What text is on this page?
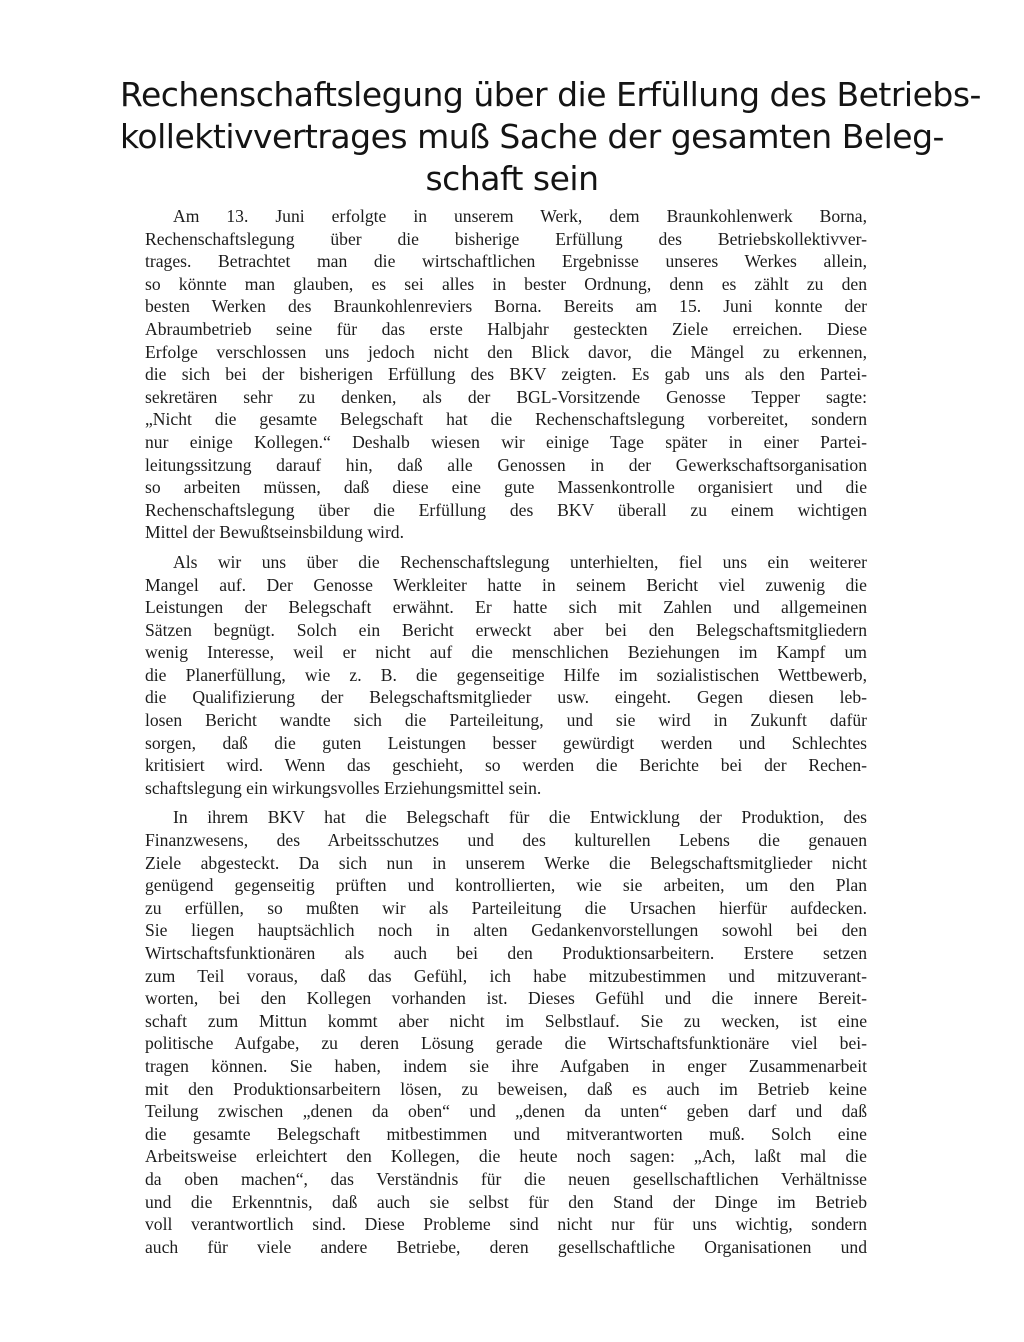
Rechenschaftslegung über die Erfüllung des Betriebs-
kollektivvertrages muß Sache der gesamten Beleg-
schaft sein
Am 13. Juni erfolgte in unserem Werk, dem Braunkohlenwerk Borna,
Rechenschaftslegung über die bisherige Erfüllung des Betriebskollektivver-
trages. Betrachtet man die wirtschaftlichen Ergebnisse unseres Werkes allein,
so könnte man glauben, es sei alles in bester Ordnung, denn es zählt zu den
besten Werken des Braunkohlenreviers Borna. Bereits am 15. Juni konnte der
Abraumbetrieb seine für das erste Halbjahr gesteckten Ziele erreichen. Diese
Erfolge verschlossen uns jedoch nicht den Blick davor, die Mängel zu erkennen,
die sich bei der bisherigen Erfüllung des BKV zeigten. Es gab uns als den Partei-
sekretären sehr zu denken, als der BGL-Vorsitzende Genosse Tepper sagte:
„Nicht die gesamte Belegschaft hat die Rechenschaftslegung vorbereitet, sondern
nur einige Kollegen.“ Deshalb wiesen wir einige Tage später in einer Partei-
leitungssitzung darauf hin, daß alle Genossen in der Gewerkschaftsorganisation
so arbeiten müssen, daß diese eine gute Massenkontrolle organisiert und die
Rechenschaftslegung über die Erfüllung des BKV überall zu einem wichtigen
Mittel der Bewußtseinsbildung wird.
Als wir uns über die Rechenschaftslegung unterhielten, fiel uns ein weiterer
Mangel auf. Der Genosse Werkleiter hatte in seinem Bericht viel zuwenig die
Leistungen der Belegschaft erwähnt. Er hatte sich mit Zahlen und allgemeinen
Sätzen begnügt. Solch ein Bericht erweckt aber bei den Belegschaftsmitgliedern
wenig Interesse, weil er nicht auf die menschlichen Beziehungen im Kampf um
die Planerfüllung, wie z. B. die gegenseitige Hilfe im sozialistischen Wettbewerb,
die Qualifizierung der Belegschaftsmitglieder usw. eingeht. Gegen diesen leb-
losen Bericht wandte sich die Parteileitung, und sie wird in Zukunft dafür
sorgen, daß die guten Leistungen besser gewürdigt werden und Schlechtes
kritisiert wird. Wenn das geschieht, so werden die Berichte bei der Rechen-
schaftslegung ein wirkungsvolles Erziehungsmittel sein.
In ihrem BKV hat die Belegschaft für die Entwicklung der Produktion, des
Finanzwesens, des Arbeitsschutzes und des kulturellen Lebens die genauen
Ziele abgesteckt. Da sich nun in unserem Werke die Belegschaftsmitglieder nicht
genügend gegenseitig prüften und kontrollierten, wie sie arbeiten, um den Plan
zu erfüllen, so mußten wir als Parteileitung die Ursachen hierfür aufdecken.
Sie liegen hauptsächlich noch in alten Gedankenvorstellungen sowohl bei den
Wirtschaftsfunktionären als auch bei den Produktionsarbeitern. Erstere setzen
zum Teil voraus, daß das Gefühl, ich habe mitzubestimmen und mitzuverant-
worten, bei den Kollegen vorhanden ist. Dieses Gefühl und die innere Bereit-
schaft zum Mittun kommt aber nicht im Selbstlauf. Sie zu wecken, ist eine
politische Aufgabe, zu deren Lösung gerade die Wirtschaftsfunktionäre viel bei-
tragen können. Sie haben, indem sie ihre Aufgaben in enger Zusammenarbeit
mit den Produktionsarbeitern lösen, zu beweisen, daß es auch im Betrieb keine
Teilung zwischen „denen da oben“ und „denen da unten“ geben darf und daß
die gesamte Belegschaft mitbestimmen und mitverantworten muß. Solch eine
Arbeitsweise erleichtert den Kollegen, die heute noch sagen: „Ach, laßt mal die
da oben machen“, das Verständnis für die neuen gesellschaftlichen Verhältnisse
und die Erkenntnis, daß auch sie selbst für den Stand der Dinge im Betrieb
voll verantwortlich sind. Diese Probleme sind nicht nur für uns wichtig, sondern
auch für viele andere Betriebe, deren gesellschaftliche Organisationen und
